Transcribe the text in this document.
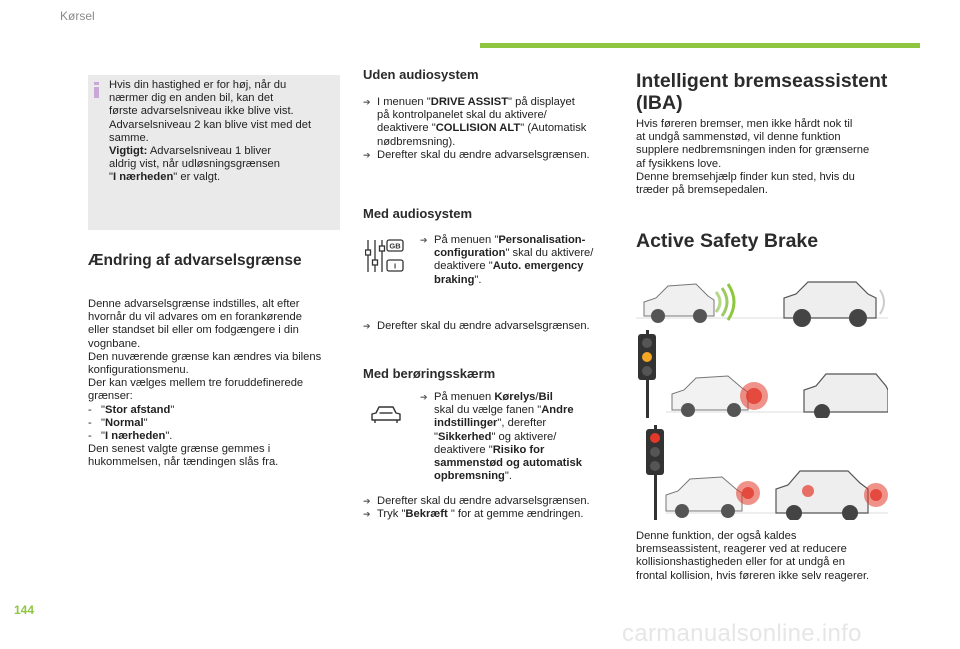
Kørsel
Hvis din hastighed er for høj, når du
nærmer dig en anden bil, kan det
første advarselsniveau ikke blive vist.
Advarselsniveau 2 kan blive vist med det
samme.
Vigtigt: Advarselsniveau 1 bliver
aldrig vist, når udløsningsgrænsen
"I nærheden" er valgt.
Ændring af advarselsgrænse
Denne advarselsgrænse indstilles, alt efter
hvornår du vil advares om en forankørende
eller standset bil eller om fodgængere i din
vognbane.
Den nuværende grænse kan ændres via bilens
konfigurationsmenu.
Der kan vælges mellem tre foruddefinerede
grænser:
-   "Stor afstand"
-   "Normal"
-   "I nærheden".
Den senest valgte grænse gemmes i
hukommelsen, når tændingen slås fra.
Uden audiosystem
➔ I menuen "DRIVE ASSIST" på displayet
på kontrolpanelet skal du aktivere/
deaktivere "COLLISION ALT" (Automatisk
nødbremsning).
➔ Derefter skal du ændre advarselsgrænsen.
Med audiosystem
GB
I
➔ På menuen "Personalisation-
configuration" skal du aktivere/
deaktivere "Auto. emergency
braking".
➔ Derefter skal du ændre advarselsgrænsen.
Med berøringsskærm
➔ På menuen Kørelys/Bil
skal du vælge fanen "Andre
indstillinger", derefter
"Sikkerhed" og aktivere/
deaktivere "Risiko for
sammenstød og automatisk
opbremsning".
➔ Derefter skal du ændre advarselsgrænsen.
➔ Tryk "Bekræft " for at gemme ændringen.
Intelligent bremseassistent
(IBA)
Hvis føreren bremser, men ikke hårdt nok til
at undgå sammenstød, vil denne funktion
supplere nedbremsningen inden for grænserne
af fysikkens love.
Denne bremsehjælp finder kun sted, hvis du
træder på bremsepedalen.
Active Safety Brake
Denne funktion, der også kaldes
bremseassistent, reagerer ved at reducere
kollisionshastigheden eller for at undgå en
frontal kollision, hvis føreren ikke selv reagerer.
144
carmanualsonline.info
